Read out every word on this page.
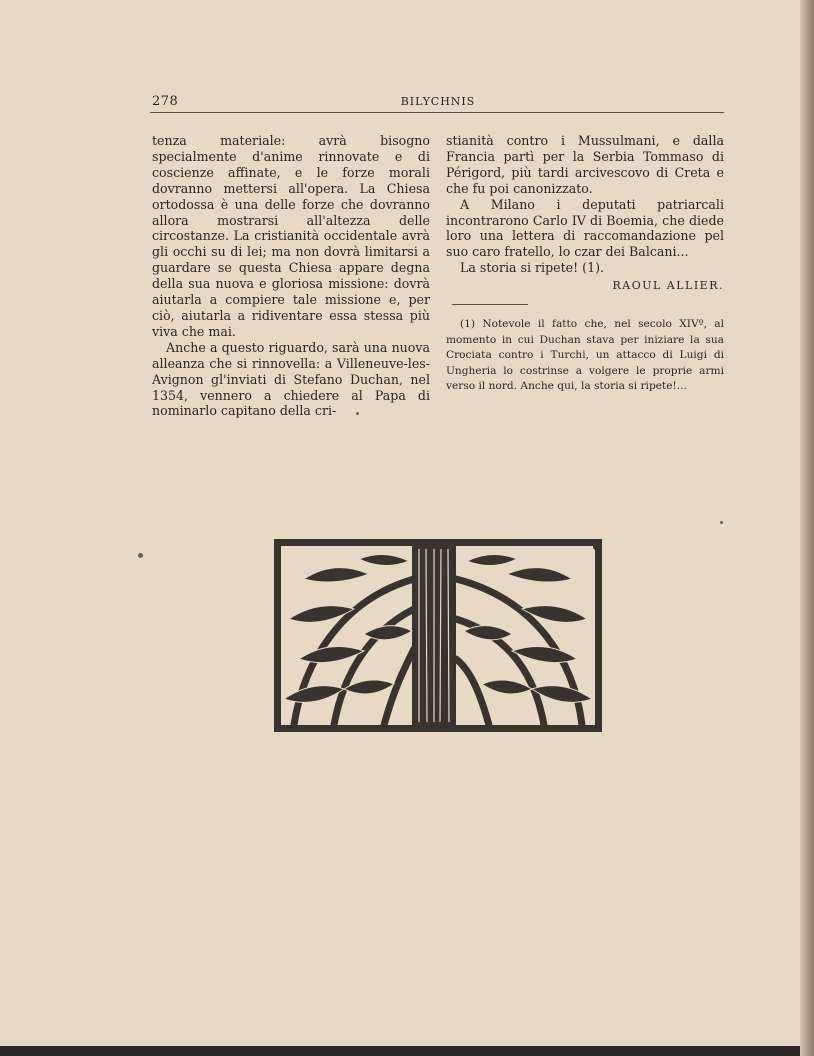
278	BILYCHNIS

tenza materiale: avrà bisogno specialmente d'anime rinnovate e di coscienze affinate, e le forze morali dovranno mettersi all'opera. La Chiesa ortodossa è una delle forze che dovranno allora mostrarsi all'altezza delle circostanze. La cristianità occidentale avrà gli occhi su di lei; ma non dovrà limitarsi a guardare se questa Chiesa appare degna della sua nuova e gloriosa missione: dovrà aiutarla a compiere tale missione e, per ciò, aiutarla a ridiventare essa stessa più viva che mai.

Anche a questo riguardo, sarà una nuova alleanza che si rinnovella: a Villeneuve-les-Avignon gl'inviati di Stefano Duchan, nel 1354, vennero a chiedere al Papa di nominarlo capitano della cri-

stianità contro i Mussulmani, e dalla Francia partì per la Serbia Tommaso di Périgord, più tardi arcivescovo di Creta e che fu poi canonizzato.

A Milano i deputati patriarcali incontrarono Carlo IV di Boemia, che diede loro una lettera di raccomandazione pel suo caro fratello, lo czar dei Balcani...

La storia si ripete! (1).

RAOUL ALLIER.
(1) Notevole il fatto che, nel secolo XIVº, al momento in cui Duchan stava per iniziare la sua Crociata contro i Turchi, un attacco di Luigi di Ungheria lo costrinse a volgere le proprie armi verso il nord. Anche qui, la storia si ripete!...
